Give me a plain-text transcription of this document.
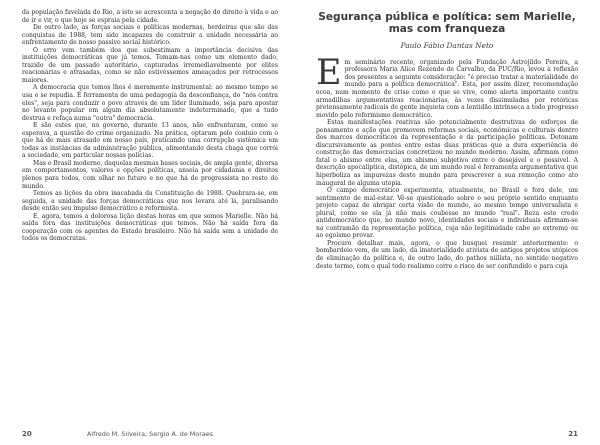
da população favelada do Rio, a isto se acrescenta a negação do direito à vida e ao de ir e vir, o que hoje se espraia pela cidade.

De outro lado, as forças sociais e políticas modernas, herdeiras que são das conquistas de 1988, tem sido incapazes de construir a unidade necessária ao enfrentamento de nosso passivo social histórico.

O erro vem também dos que subestimam a importância decisiva das instituições democráticas que já temos. Tomam-nas como um elemento dado, trazido de um passado autoritário, capturadas irremediavelmente por elites reacionárias e atrasadas, como se não estivéssemos ameaçados por retrocessos maiores.

A democracia que temos lhes é meramente instrumental: ao mesmo tempo se usa e se repudia. É ferramenta de uma pedagogia da desconfiança, do "nós contra eles", seja para conduzir o povo através de um líder iluminado, seja para apostar no levante popular em algum dia absolutamente indeterminado, que a tudo destrua e refaça numa "outra" democracia.

E são estes que, no governo, durante 13 anos, não enfrentaram, como se esperava, a questão do crime organizado. Na prática, optaram pelo conluio com o que há de mais atrasado em nosso país, praticando uma corrupção sistêmica em todas as instâncias da administração pública, alimentando desta chaga que corrói a sociedade, em particular nossas polícias.

Mas o Brasil moderno, daquelas mesmas bases sociais, de ampla gente, diversa em comportamentos, valores e opções políticas, anseia por cidadania e direitos plenos para todos, com olhar no futuro e no que há de progressista no resto do mundo.

Temos as lições da obra inacabada da Constituição de 1988. Quebrara-se, em seguida, a unidade das forças democráticas que nos levara até lá, paralisando desde então seu impulso democrático e reformista.

E, agora, temos a dolorosa lição destas horas em que somos Marielle. Não há saída fora das instituições democráticas que temos. Não há saída fora da cooperação com os agentes do Estado brasileiro. Não há saída sem a unidade de todos os democratas.

20	Alfredo M. Silveira; Sergio A. de Moraes
Segurança pública e política: sem Marielle, mas com franqueza
Paulo Fábio Dantas Neto

Em seminário recente, organizado pela Fundação Astrojildo Pereira, a professora Maria Alice Rezende de Carvalho, da PUC/Rio, levou à reflexão dos presentes a seguinte consideração: "é preciso tratar a materialidade do mundo para a política democrática". Esta, por assim dizer, recomendação ecoa, num momento de crise como o que se vive, como alerta importante contra armadilhas argumentativas reacionárias, às vezes dissimuladas por retóricas pretensamente radicais de gente inquieta com a lentidão intrínseca a todo progresso movido pelo reformismo democrático.

Estas manifestações reativas são potencialmente destrutivas de esforços de pensamento e ação que promovem reformas sociais, econômicas e culturais dentro dos marcos democráticos da representação e da participação políticas. Detonam discursivamente as pontes entre estas duas práticas que a dura experiência de construção das democracias concretizou no mundo moderno. Assim, afirmam como fatal o abismo entre elas, um abismo subjetivo entre o desejável e o possível. A descrição apocalíptica, distópica, de um mundo real é ferramenta argumentativa que hiperboliza as impurezas deste mundo para prescrever a sua remoção como ato inaugural de alguma utopia.

O campo democrático experimenta, atualmente, no Brasil e fora dele, um sentimento de mal-estar. Vê-se questionado sobre o seu próprio sentido enquanto projeto capaz de abrigar certa visão de mundo, ao mesmo tempo universalista e plural, como se ela já não mais coubesse no mundo "real". Reza este credo antidemocrático que, no mundo novo, identidades sociais e individuais afirmam-se na contramão da representação política, cuja não legitimidade cabe ao extremo ou ao egoísmo provar.

Procuro detalhar mais, agora, o que busquei resumir anteriormente: o bombardeio vem, de um lado, da imaterialidade ativista de antigos projetos utópicos de eliminação da política e, de outro lado, do pathos niilista, no sentido negativo deste termo, com o qual todo realismo corre o risco de ser confundido e para cuja

21
